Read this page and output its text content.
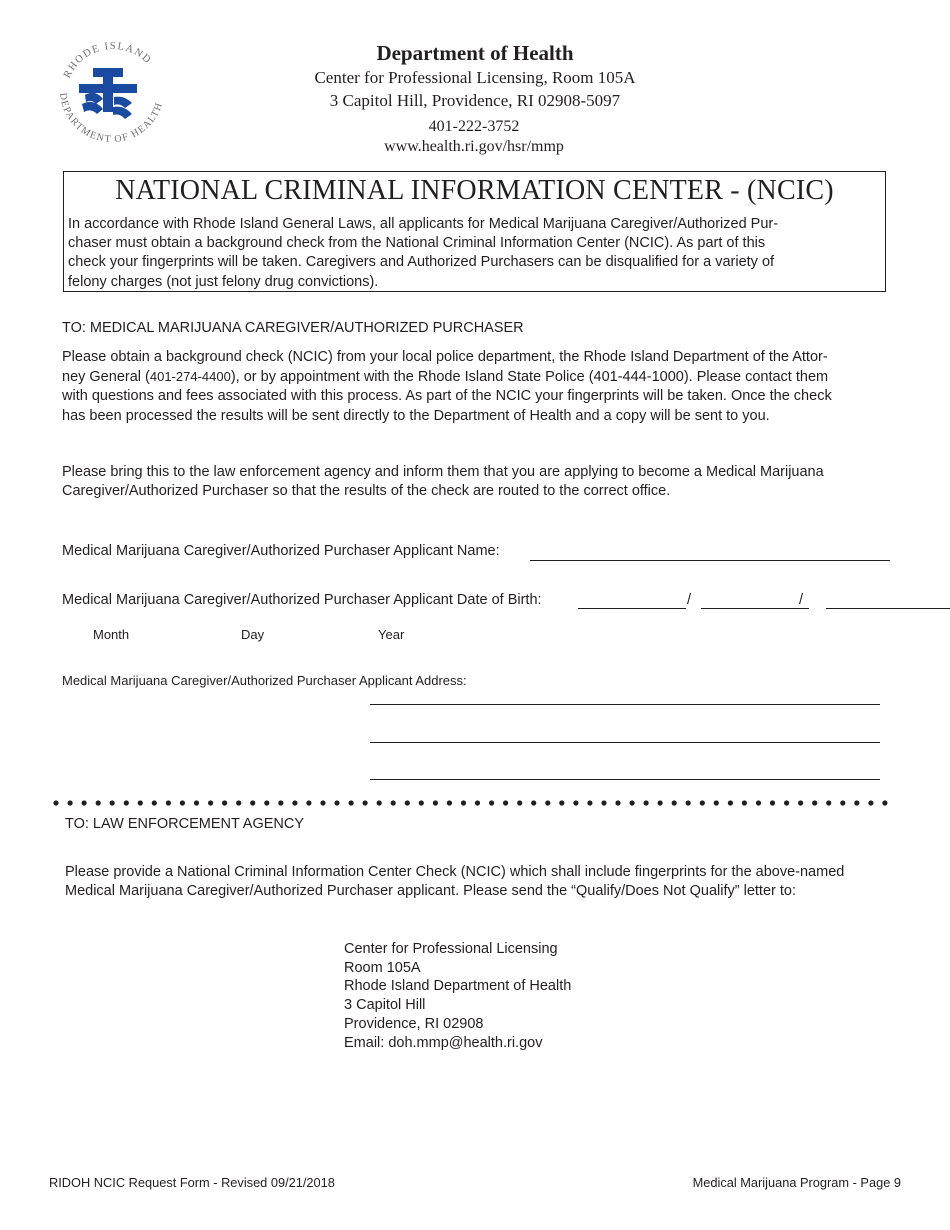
RHODE ISLAND
DEPARTMENT OF HEALTH
Department of Health
Center for Professional Licensing, Room 105A
3 Capitol Hill, Providence, RI 02908-5097
401-222-3752
www.health.ri.gov/hsr/mmp
NATIONAL CRIMINAL INFORMATION CENTER - (NCIC)
In accordance with Rhode Island General Laws, all applicants for Medical Marijuana Caregiver/Authorized Pur-
chaser must obtain a background check from the National Criminal Information Center (NCIC). As part of this
check your fingerprints will be taken. Caregivers and Authorized Purchasers can be disqualified for a variety of
felony charges (not just felony drug convictions).
TO: MEDICAL MARIJUANA CAREGIVER/AUTHORIZED PURCHASER
Please obtain a background check (NCIC) from your local police department, the Rhode Island Department of the Attor-
ney General (401-274-4400), or by appointment with the Rhode Island State Police (401-444-1000). Please contact them
with questions and fees associated with this process. As part of the NCIC your fingerprints will be taken. Once the check
has been processed the results will be sent directly to the Department of Health and a copy will be sent to you.
Please bring this to the law enforcement agency and inform them that you are applying to become a Medical Marijuana
Caregiver/Authorized Purchaser so that the results of the check are routed to the correct office.
Medical Marijuana Caregiver/Authorized Purchaser Applicant Name:
Medical Marijuana Caregiver/Authorized Purchaser Applicant Date of Birth:	/	/
Month	Day	Year
Medical Marijuana Caregiver/Authorized Purchaser Applicant Address:
TO: LAW ENFORCEMENT AGENCY
Please provide a National Criminal Information Center Check (NCIC) which shall include fingerprints for the above-named
Medical Marijuana Caregiver/Authorized Purchaser applicant. Please send the “Qualify/Does Not Qualify” letter to:
Center for Professional Licensing
Room 105A
Rhode Island Department of Health
3 Capitol Hill
Providence, RI 02908
Email: doh.mmp@health.ri.gov
RIDOH NCIC Request Form - Revised 09/21/2018	Medical Marijuana Program - Page 9
